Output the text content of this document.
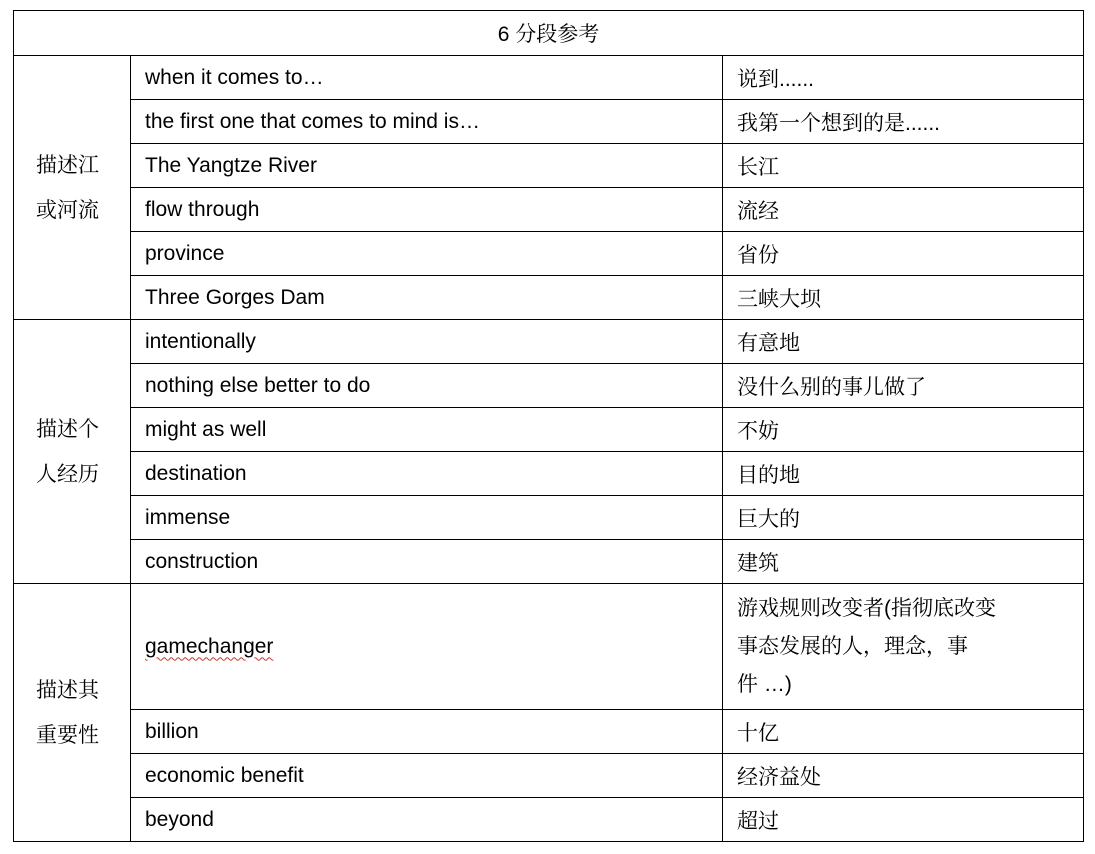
6 分段参考		

描述江
或河流	when it comes to…	说到......

	the first one that comes to mind is…	我第一个想到的是......

	The Yangtze River	长江

	flow through	流经

	province	省份

	Three Gorges Dam	三峡大坝

描述个
人经历	intentionally	有意地

	nothing else better to do	没什么别的事儿做了

	might as well	不妨

	destination	目的地

	immense	巨大的

	construction	建筑

描述其
重要性	gamechanger	游戏规则改变者(指彻底改变
事态发展的人，理念，事
件 …)

	billion	十亿

	economic benefit	经济益处

	beyond	超过
